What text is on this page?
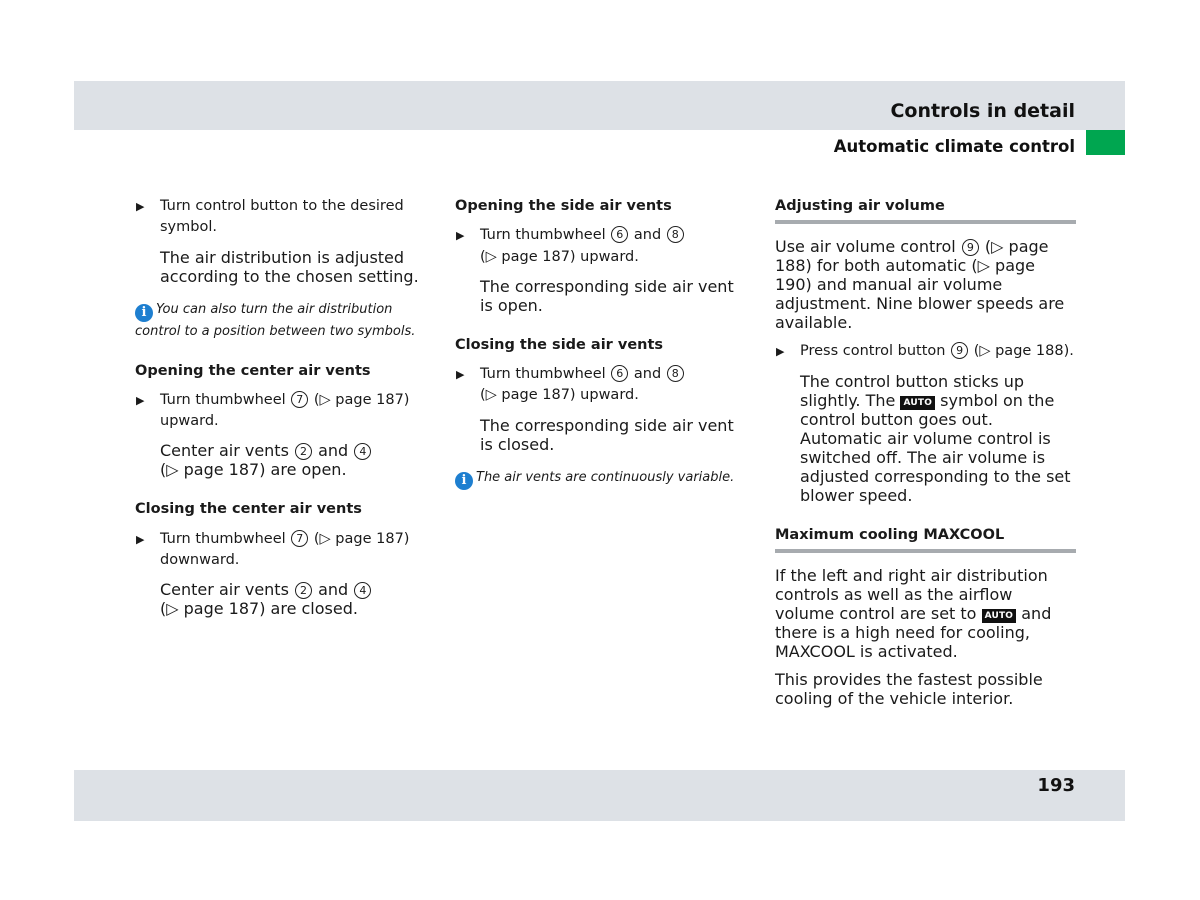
Controls in detail
Automatic climate control
▶ Turn control button to the desired symbol.
The air distribution is adjusted according to the chosen setting.
i You can also turn the air distribution control to a position between two symbols.
Opening the center air vents
▶ Turn thumbwheel 7 (▷ page 187) upward.
Center air vents 2 and 4
(▷ page 187) are open.
Closing the center air vents
▶ Turn thumbwheel 7 (▷ page 187) downward.
Center air vents 2 and 4
(▷ page 187) are closed.
Opening the side air vents
▶ Turn thumbwheel 6 and 8
(▷ page 187) upward.
The corresponding side air vent is open.
Closing the side air vents
▶ Turn thumbwheel 6 and 8
(▷ page 187) upward.
The corresponding side air vent is closed.
i The air vents are continuously variable.
Adjusting air volume
Use air volume control 9 (▷ page 188) for both automatic (▷ page 190) and manual air volume adjustment. Nine blower speeds are available.
▶ Press control button 9 (▷ page 188).
The control button sticks up slightly. The AUTO symbol on the control button goes out. Automatic air volume control is switched off. The air volume is adjusted corresponding to the set blower speed.
Maximum cooling MAXCOOL
If the left and right air distribution controls as well as the airflow volume control are set to AUTO and there is a high need for cooling, MAXCOOL is activated.
This provides the fastest possible cooling of the vehicle interior.
193
